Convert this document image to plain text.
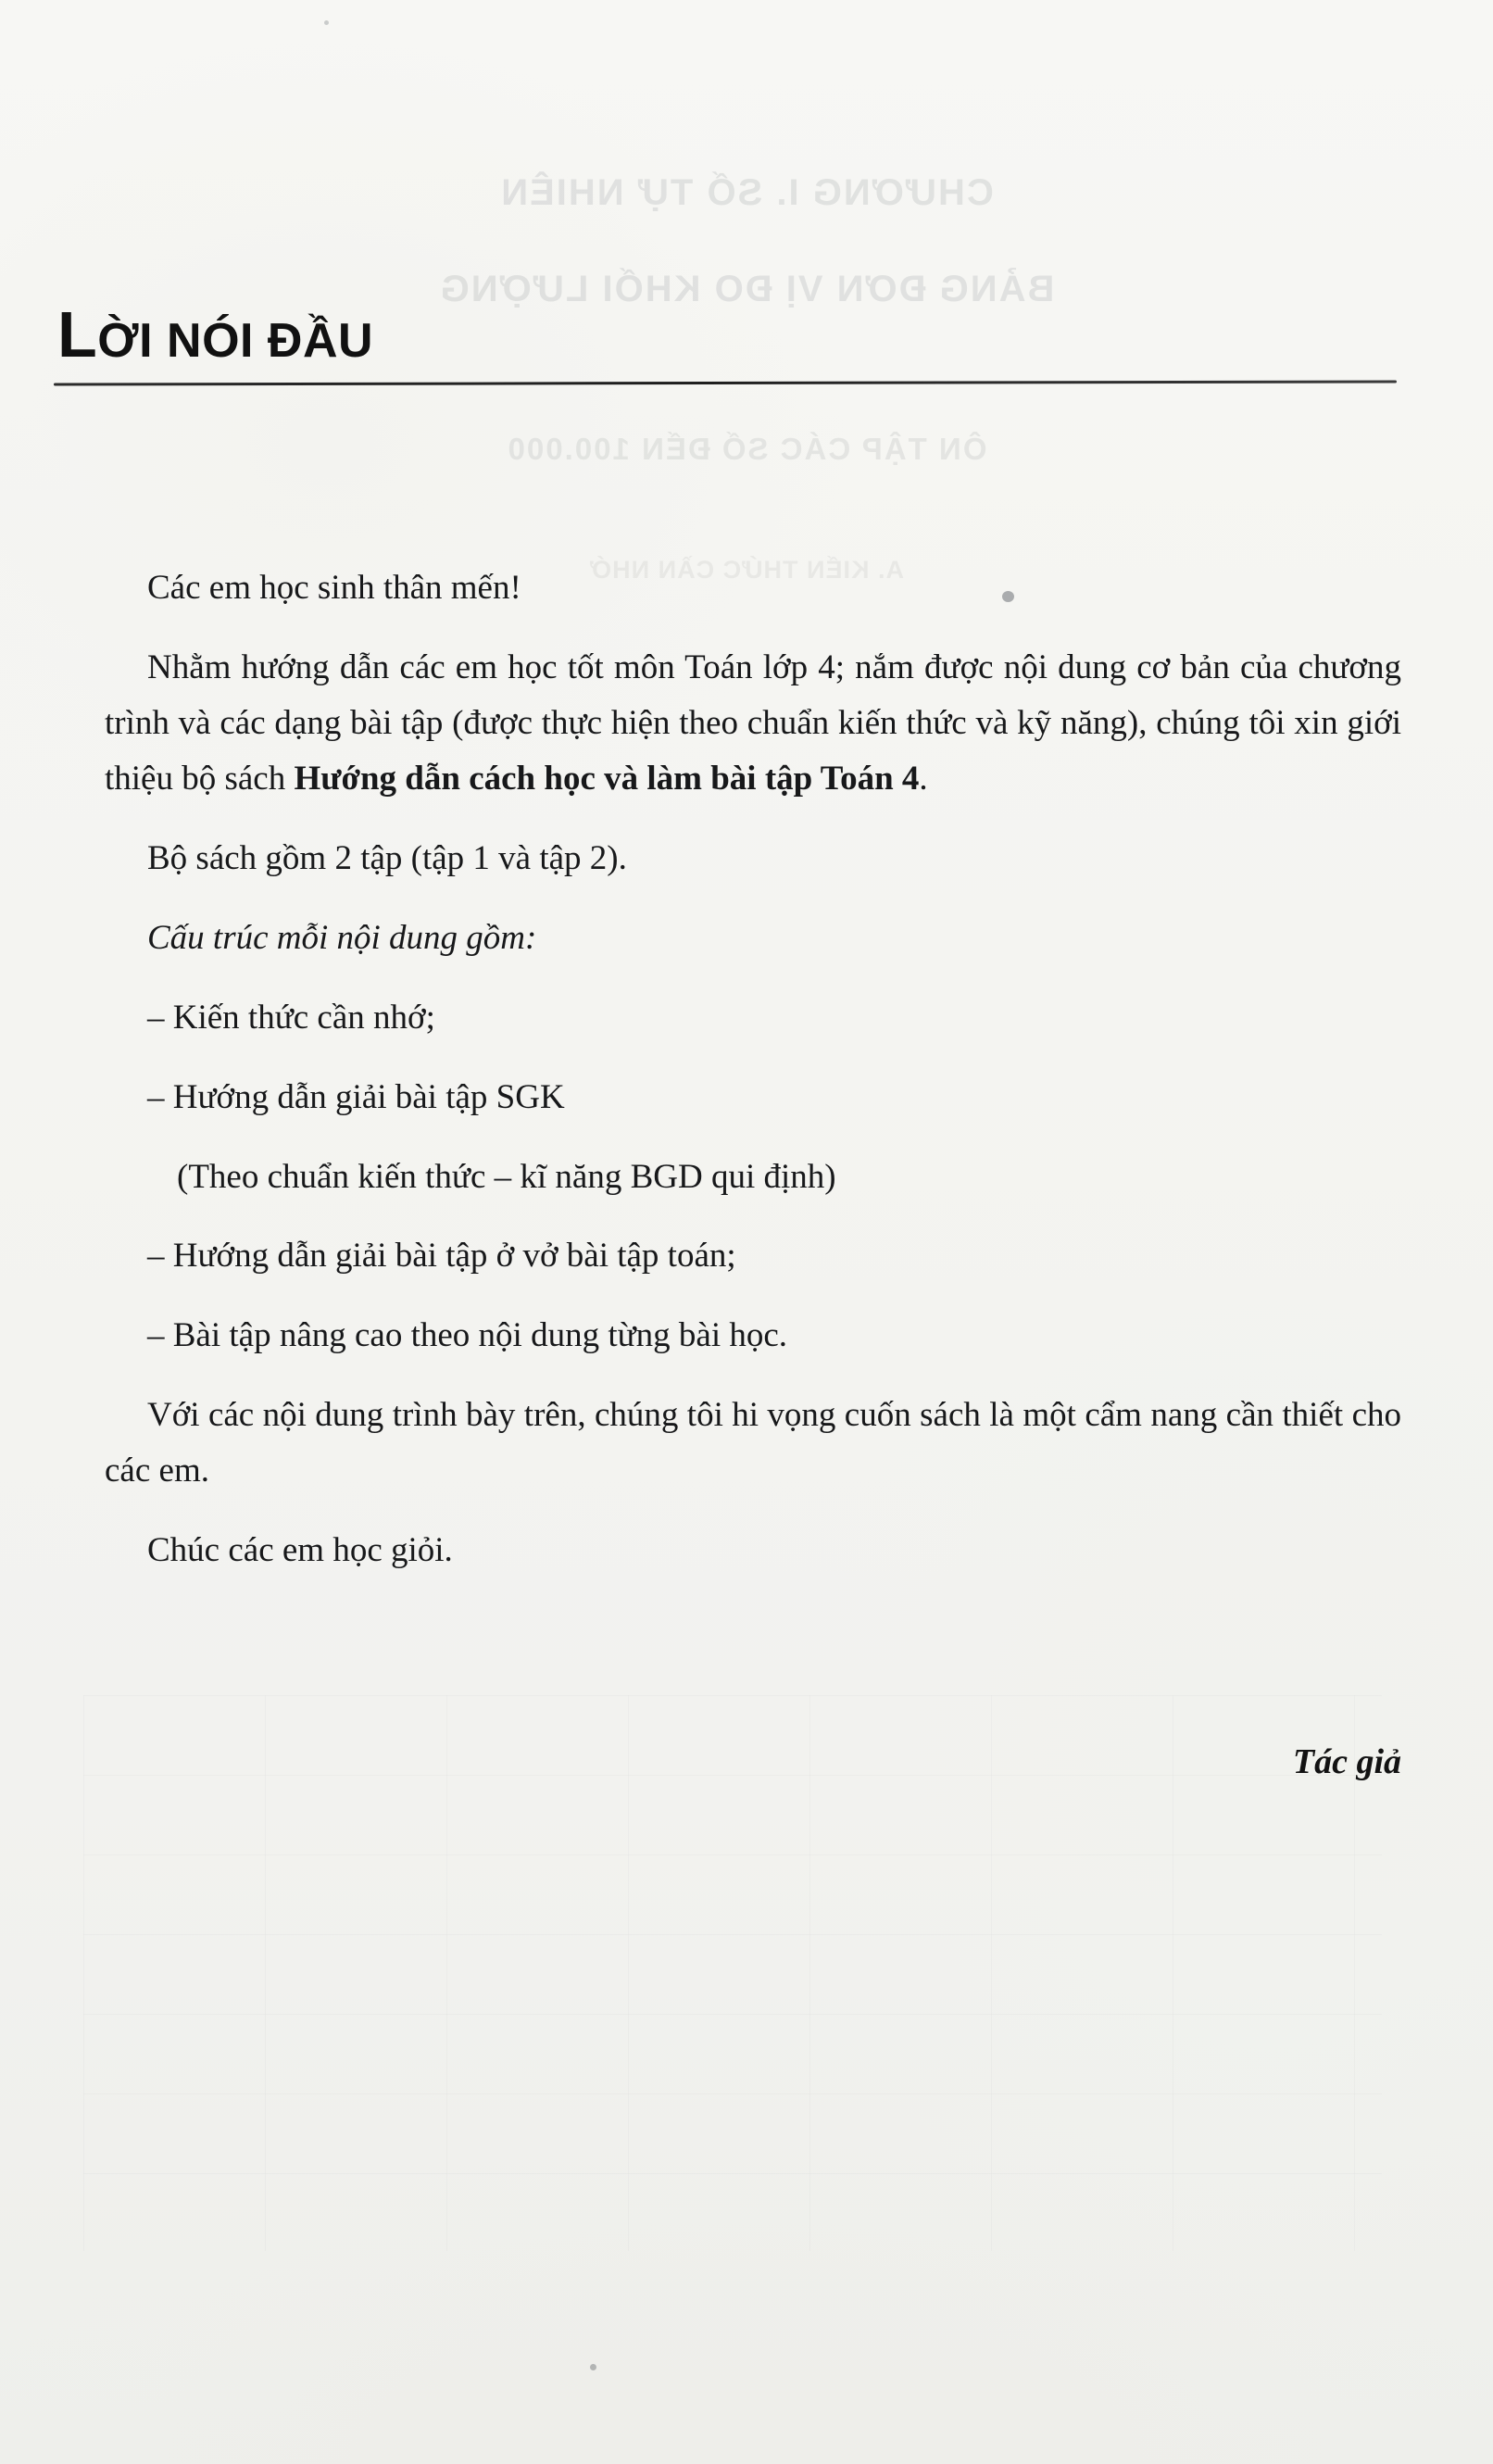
CHƯƠNG I. SỐ TỰ NHIÊN
BẢNG ĐƠN VỊ ĐO KHỐI LƯỢNG
ÔN TẬP CÁC SỐ ĐẾN 100.000
A. KIẾN THỨC CẦN NHỚ
LỜI NÓI ĐẦU

Các em học sinh thân mến!

Nhằm hướng dẫn các em học tốt môn Toán lớp 4; nắm được nội dung cơ bản của chương trình và các dạng bài tập (được thực hiện theo chuẩn kiến thức và kỹ năng), chúng tôi xin giới thiệu bộ sách Hướng dẫn cách học và làm bài tập Toán 4.

Bộ sách gồm 2 tập (tập 1 và tập 2).

Cấu trúc mỗi nội dung gồm:

– Kiến thức cần nhớ;

– Hướng dẫn giải bài tập SGK

(Theo chuẩn kiến thức – kĩ năng BGD qui định)

– Hướng dẫn giải bài tập ở vở bài tập toán;

– Bài tập nâng cao theo nội dung từng bài học.

Với các nội dung trình bày trên, chúng tôi hi vọng cuốn sách là một cẩm nang cần thiết cho các em.

Chúc các em học giỏi.

Tác giả
